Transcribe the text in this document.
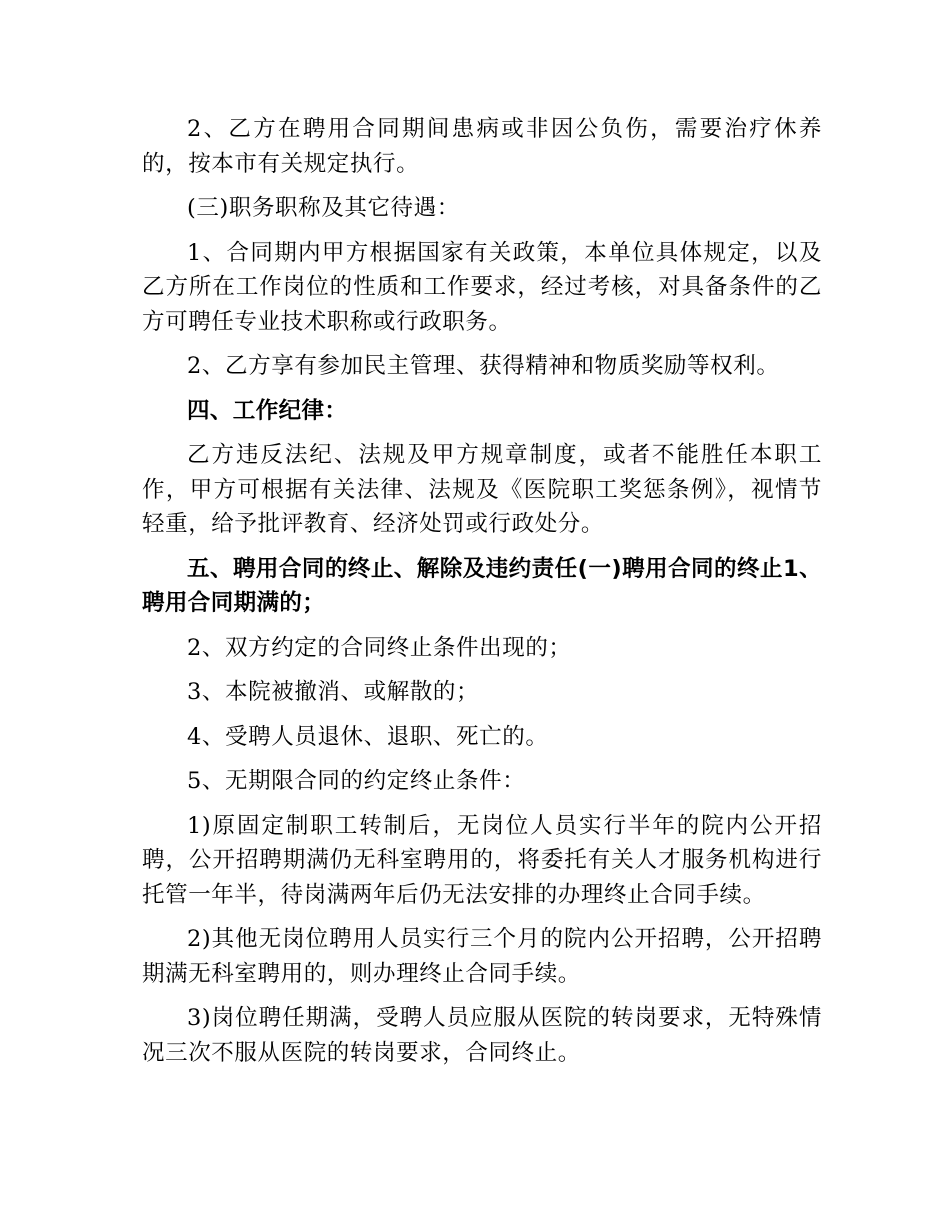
2、乙方在聘用合同期间患病或非因公负伤，需要治疗休养的，按本市有关规定执行。

(三)职务职称及其它待遇：

1、合同期内甲方根据国家有关政策，本单位具体规定，以及乙方所在工作岗位的性质和工作要求，经过考核，对具备条件的乙方可聘任专业技术职称或行政职务。

2、乙方享有参加民主管理、获得精神和物质奖励等权利。

四、工作纪律：

乙方违反法纪、法规及甲方规章制度，或者不能胜任本职工作，甲方可根据有关法律、法规及《医院职工奖惩条例》，视情节轻重，给予批评教育、经济处罚或行政处分。

五、聘用合同的终止、解除及违约责任(一)聘用合同的终止1、聘用合同期满的；

2、双方约定的合同终止条件出现的；

3、本院被撤消、或解散的；

4、受聘人员退休、退职、死亡的。

5、无期限合同的约定终止条件：

1)原固定制职工转制后，无岗位人员实行半年的院内公开招聘，公开招聘期满仍无科室聘用的，将委托有关人才服务机构进行托管一年半，待岗满两年后仍无法安排的办理终止合同手续。

2)其他无岗位聘用人员实行三个月的院内公开招聘，公开招聘期满无科室聘用的，则办理终止合同手续。

3)岗位聘任期满，受聘人员应服从医院的转岗要求，无特殊情况三次不服从医院的转岗要求，合同终止。
